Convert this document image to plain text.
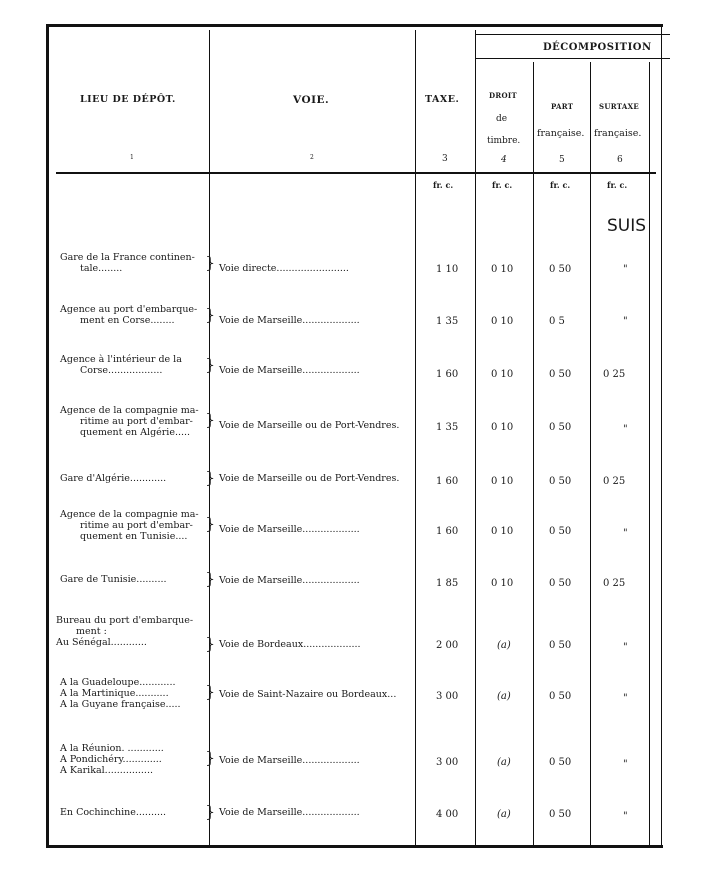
DÉCOMPOSITION
LIEU DE DÉPÔT.	VOIE.	TAXE.	DROIT
de
timbre.
PART
française.
SURTAXE
française.
1	2	3	4	5	6
fr. c.	fr. c.	fr. c.	fr. c.
SUIS
Gare de la France continen-
tale........	} Voie directe........................	1 10	0 10	0 50	"
Agence au port d'embarque-
ment en Corse........ } Voie de Marseille...................	1 35	0 10	0 5	"
Agence à l'intérieur de la
Corse..................	} Voie de Marseille...................	1 60	0 10	0 50	0 25
Agence de la compagnie ma-
ritime au port d'embar-
quement en Algérie.....
} Voie de Marseille ou de Port-Vendres.	1 35	0 10	0 50	"
Gare d'Algérie............ } Voie de Marseille ou de Port-Vendres.	1 60	0 10	0 50	0 25
Agence de la compagnie ma-
ritime au port d'embar-
quement en Tunisie....
} Voie de Marseille...................	1 60	0 10	0 50	"
Gare de Tunisie.......... } Voie de Marseille...................	1 85	0 10	0 50	0 25
Bureau du port d'embarque-
ment :
Au Sénégal............	} Voie de Bordeaux...................	2 00	(a)	0 50	"
A la Guadeloupe............
A la Martinique...........
A la Guyane française.....
} Voie de Saint-Nazaire ou Bordeaux...	3 00	(a)	0 50	"
A la Réunion. ............
A Pondichéry.............
A Karikal................
} Voie de Marseille...................	3 00	(a)	0 50	"
En Cochinchine.......... } Voie de Marseille...................	4 00	(a)	0 50	"
